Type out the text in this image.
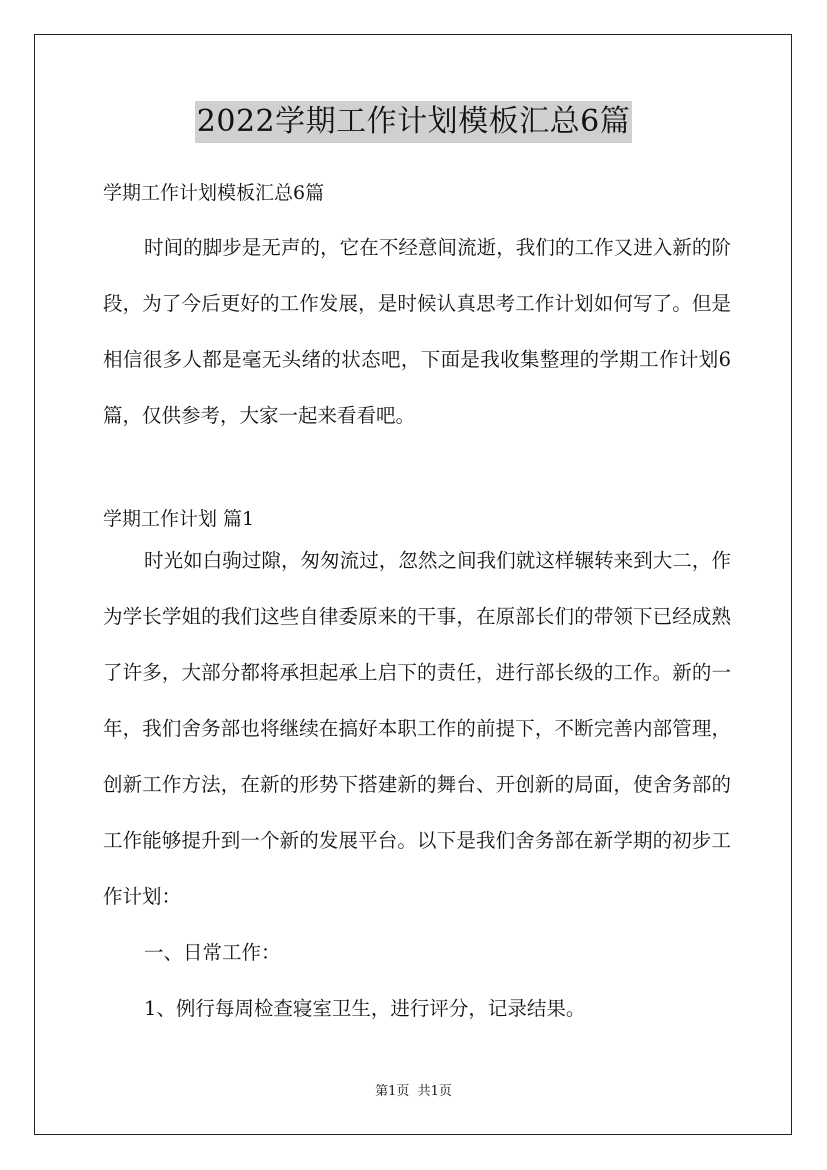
2022学期工作计划模板汇总6篇
学期工作计划模板汇总6篇

时间的脚步是无声的，它在不经意间流逝，我们的工作又进入新的阶段，为了今后更好的工作发展，是时候认真思考工作计划如何写了。但是相信很多人都是毫无头绪的状态吧，下面是我收集整理的学期工作计划6篇，仅供参考，大家一起来看看吧。

学期工作计划 篇1

时光如白驹过隙，匆匆流过，忽然之间我们就这样辗转来到大二，作为学长学姐的我们这些自律委原来的干事，在原部长们的带领下已经成熟了许多，大部分都将承担起承上启下的责任，进行部长级的工作。新的一年，我们舍务部也将继续在搞好本职工作的前提下，不断完善内部管理，创新工作方法，在新的形势下搭建新的舞台、开创新的局面，使舍务部的工作能够提升到一个新的发展平台。以下是我们舍务部在新学期的初步工作计划：

一、日常工作：
1、例行每周检查寝室卫生，进行评分，记录结果。
第1页  共1页
